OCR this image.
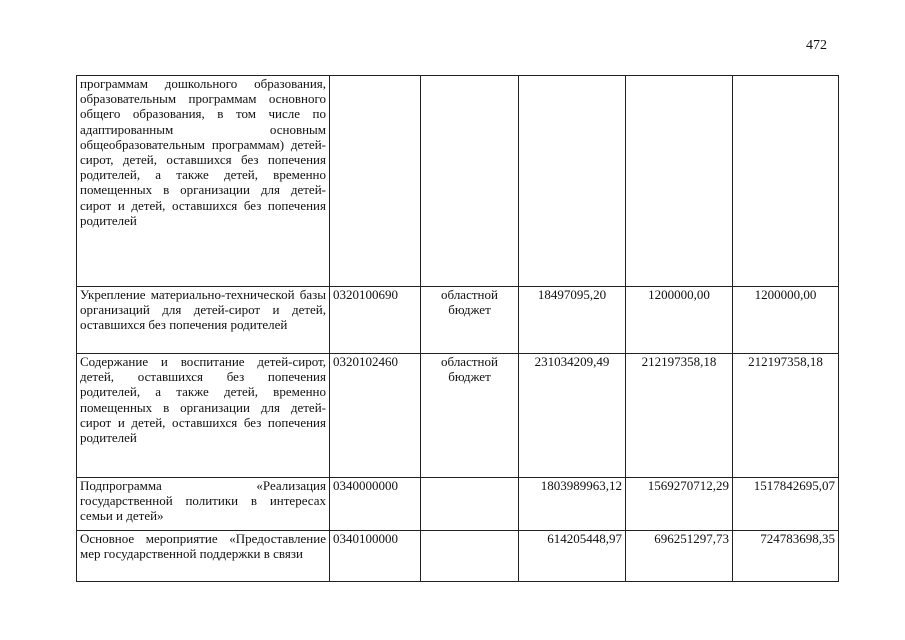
472
программам дошкольного образования, образовательным программам основного общего образования, в том числе по адаптированным основным общеобразовательным программам) детей-сирот, детей, оставшихся без попечения родителей, а также детей, временно помещенных в организации для детей-сирот и детей, оставшихся без попечения родителей					
Укрепление материально-технической базы организаций для детей-сирот и детей, оставшихся без попечения родителей	0320100690	областной бюджет	18497095,20	1200000,00	1200000,00
Содержание и воспитание детей-сирот, детей, оставшихся без попечения родителей, а также детей, временно помещенных в организации для детей-сирот и детей, оставшихся без попечения родителей	0320102460	областной бюджет	231034209,49	212197358,18	212197358,18
Подпрограмма «Реализация государственной политики в интересах семьи и детей»	0340000000		1803989963,12	1569270712,29	1517842695,07
Основное мероприятие «Предоставление мер государственной поддержки в связи	0340100000		614205448,97	696251297,73	724783698,35
